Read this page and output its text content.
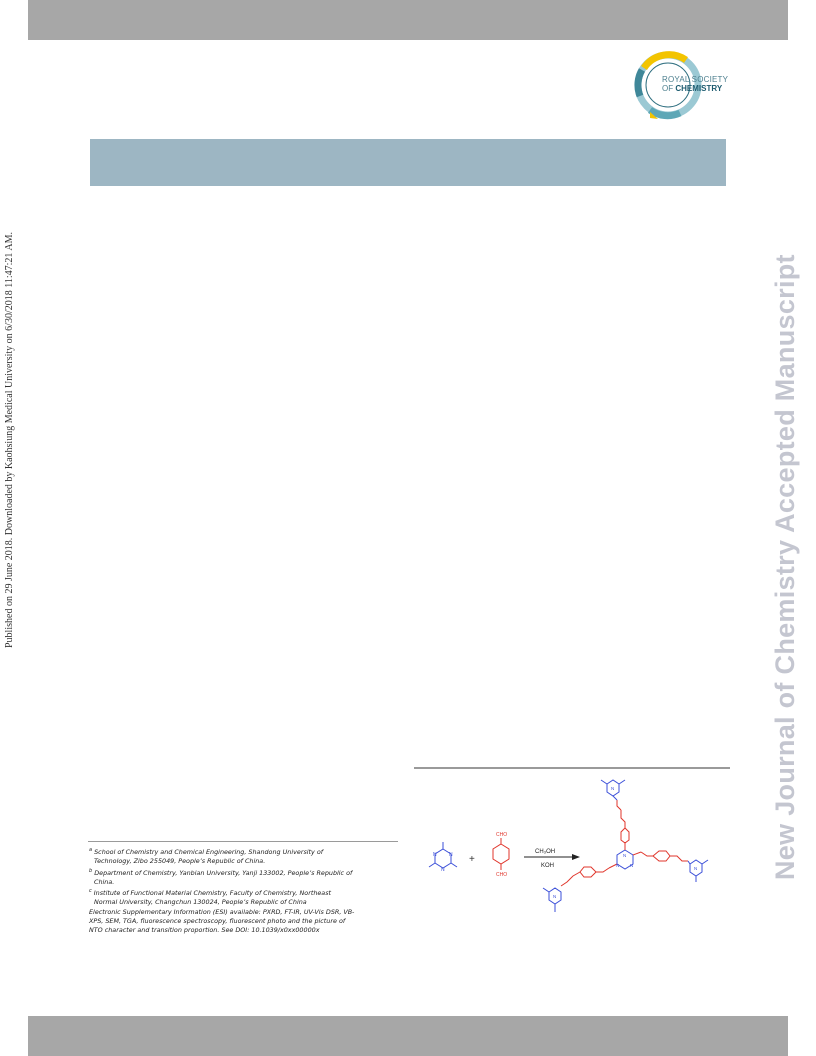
ROYAL SOCIETY
OF CHEMISTRY
Published on 29 June 2018. Downloaded by Kaohsiung Medical University on 6/30/2018 11:47:21 AM.	New Journal of Chemistry Accepted Manuscript

$^a$ School of Chemistry and Chemical Engineering, Shandong University of

Technology, Zibo 255049, People’s Republic of China.

$^b$ Department of Chemistry, Yanbian University, Yanji 133002, People’s Republic of

China.

$^c$ Institute of Functional Material Chemistry, Faculty of Chemistry, Northeast

Normal University, Changchun 130024, People’s Republic of China

Electronic Supplementary Information (ESI) available: PXRD, FT-IR, UV-Vis DSR, VB-

XPS, SEM, TGA, fluorescence spectroscopy, fluorescent photo and the picture of

NTO character and transition proportion. See DOI: 10.1039/x0xx00000x

N
N
N	+
CHO
CHO
CH₃OH
KOH
N
N N
N
N
N
